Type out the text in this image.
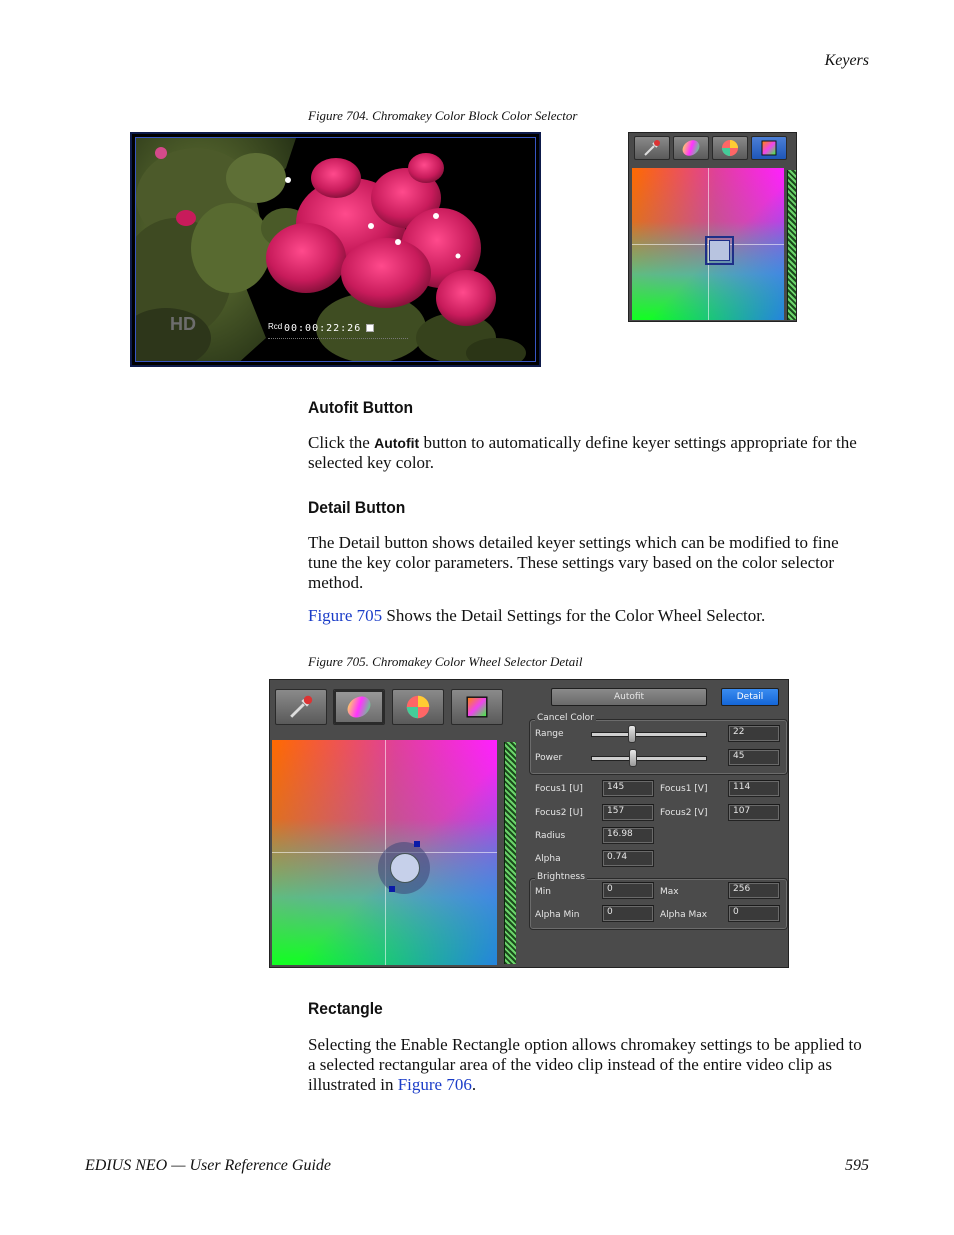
Keyers
Figure 704. Chromakey Color Block Color Selector
HD	Rcd 00:00:22:26
Autofit Button
Click the Autofit button to automatically define keyer settings appropriate for the selected key color.
Detail Button
The Detail button shows detailed keyer settings which can be modified to fine tune the key color parameters. These settings vary based on the color selector method.
Figure 705 Shows the Detail Settings for the Color Wheel Selector.
Figure 705. Chromakey Color Wheel Selector Detail
Autofit	Detail
Cancel Color
Range	22
Power	45
Focus1 [U]	145	Focus1 [V]	114
Focus2 [U]	157	Focus2 [V]	107
Radius	16.98
Alpha	0.74
Brightness
Min	0	Max	256
Alpha Min	0	Alpha Max	0
Rectangle
Selecting the Enable Rectangle option allows chromakey settings to be applied to a selected rectangular area of the video clip instead of the entire video clip as illustrated in Figure 706.
EDIUS NEO — User Reference Guide	595
